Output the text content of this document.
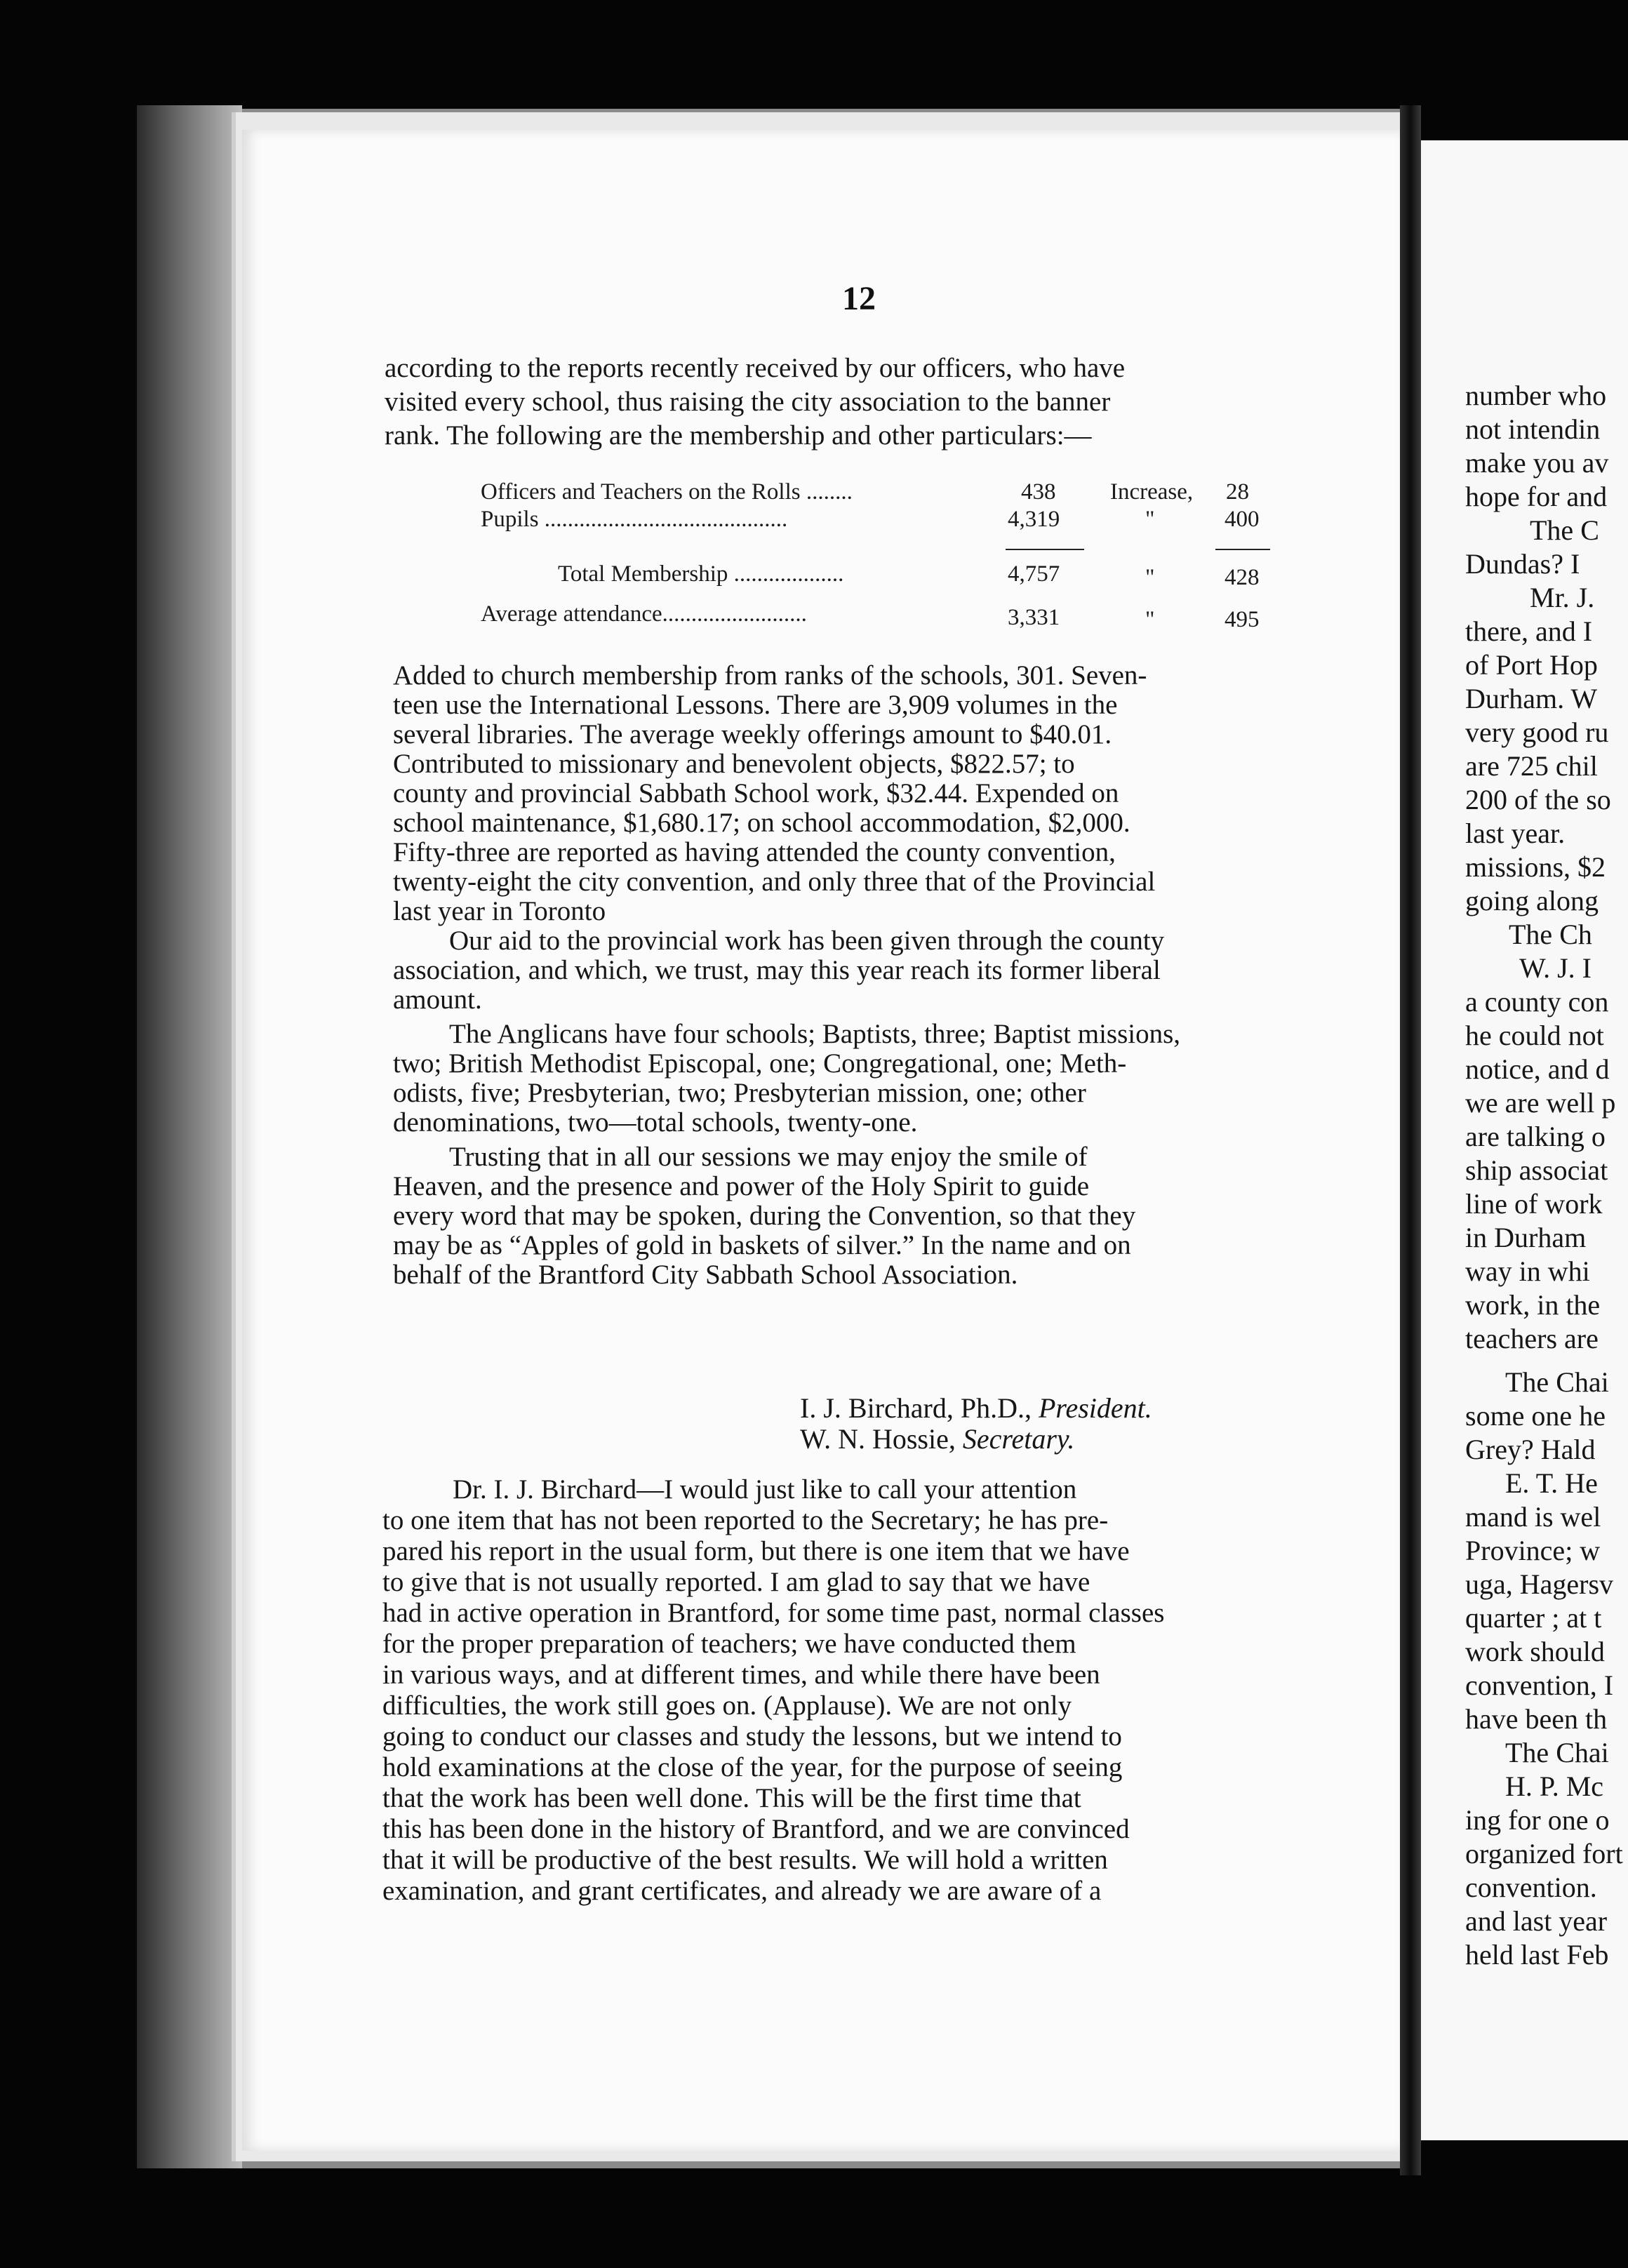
12
according to the reports recently received by our officers, who have
visited every school, thus raising the city association to the banner
rank. The following are the membership and other particulars:—
Officers and Teachers on the Rolls ........	438 Increase, 28
Pupils ..........................................	4,319	"	400
Total Membership ...................	4,757	"	428
Average attendance.........................	3,331	"	495
Added to church membership from ranks of the schools, 301. Seven-
teen use the International Lessons. There are 3,909 volumes in the
several libraries. The average weekly offerings amount to $40.01.
Contributed to missionary and benevolent objects, $822.57; to
county and provincial Sabbath School work, $32.44. Expended on
school maintenance, $1,680.17; on school accommodation, $2,000.
Fifty-three are reported as having attended the county convention,
twenty-eight the city convention, and only three that of the Provincial
last year in Toronto
Our aid to the provincial work has been given through the county
association, and which, we trust, may this year reach its former liberal
amount.
The Anglicans have four schools; Baptists, three; Baptist missions,
two; British Methodist Episcopal, one; Congregational, one; Meth-
odists, five; Presbyterian, two; Presbyterian mission, one; other
denominations, two—total schools, twenty-one.
Trusting that in all our sessions we may enjoy the smile of
Heaven, and the presence and power of the Holy Spirit to guide
every word that may be spoken, during the Convention, so that they
may be as “Apples of gold in baskets of silver.” In the name and on
behalf of the Brantford City Sabbath School Association.
I. J. Birchard, Ph.D., President.
W. N. Hossie, Secretary.
Dr. I. J. Birchard—I would just like to call your attention
to one item that has not been reported to the Secretary; he has pre-
pared his report in the usual form, but there is one item that we have
to give that is not usually reported. I am glad to say that we have
had in active operation in Brantford, for some time past, normal classes
for the proper preparation of teachers; we have conducted them
in various ways, and at different times, and while there have been
difficulties, the work still goes on. (Applause). We are not only
going to conduct our classes and study the lessons, but we intend to
hold examinations at the close of the year, for the purpose of seeing
that the work has been well done. This will be the first time that
this has been done in the history of Brantford, and we are convinced
that it will be productive of the best results. We will hold a written
examination, and grant certificates, and already we are aware of a
number who
not intendin
make you av
hope for and
The C
Dundas? I
Mr. J.
there, and I
of Port Hop
Durham. W
very good ru
are 725 chil
200 of the so
last year.
missions, $2
going along
The Ch
W. J. I
a county con
he could not
notice, and d
we are well p
are talking o
ship associat
line of work
in Durham
way in whi
work, in the
teachers are
The Chai
some one he
Grey? Hald
E. T. He
mand is wel
Province; w
uga, Hagersv
quarter ; at t
work should
convention, I
have been th
The Chai
H. P. Mc
ing for one o
organized fort
convention.
and last year
held last Feb
